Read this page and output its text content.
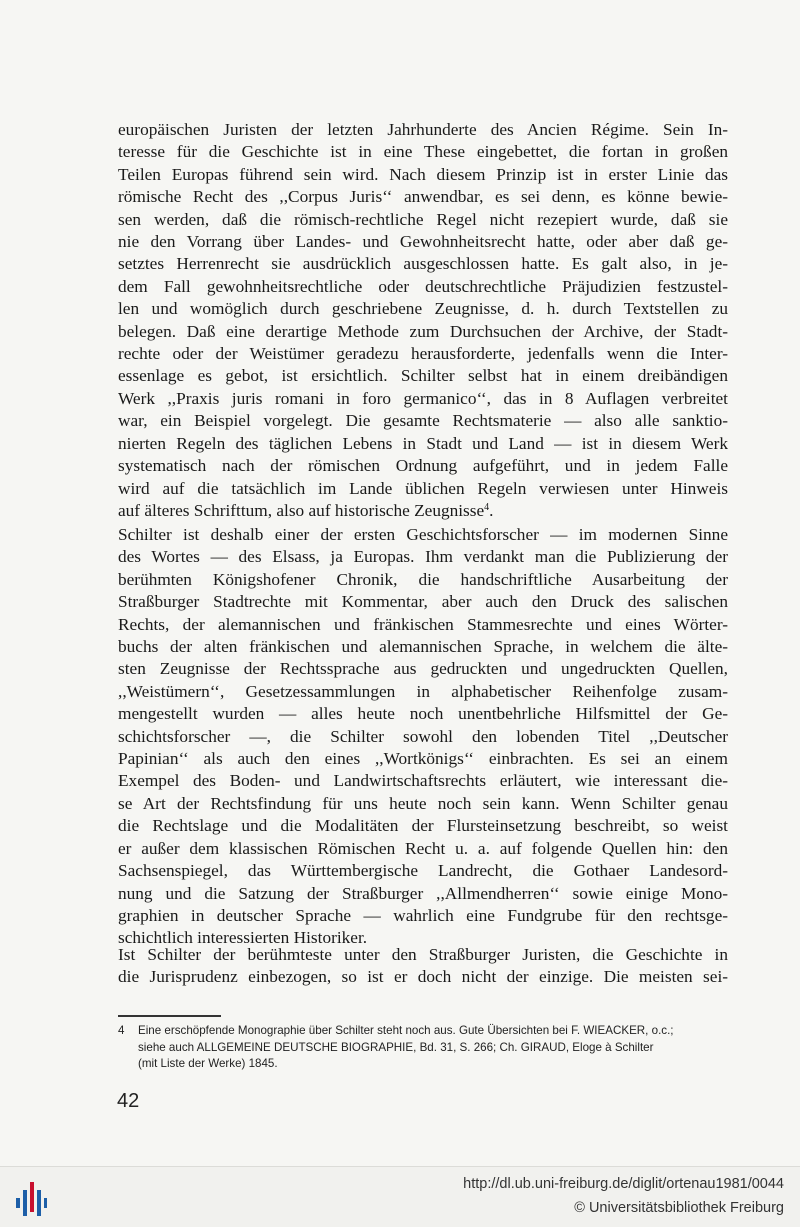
europäischen Juristen der letzten Jahrhunderte des Ancien Régime. Sein In-
teresse für die Geschichte ist in eine These eingebettet, die fortan in großen
Teilen Europas führend sein wird. Nach diesem Prinzip ist in erster Linie das
römische Recht des ,,Corpus Juris‘‘ anwendbar, es sei denn, es könne bewie-
sen werden, daß die römisch-rechtliche Regel nicht rezepiert wurde, daß sie
nie den Vorrang über Landes- und Gewohnheitsrecht hatte, oder aber daß ge-
setztes Herrenrecht sie ausdrücklich ausgeschlossen hatte. Es galt also, in je-
dem Fall gewohnheitsrechtliche oder deutschrechtliche Präjudizien festzustel-
len und womöglich durch geschriebene Zeugnisse, d. h. durch Textstellen zu
belegen. Daß eine derartige Methode zum Durchsuchen der Archive, der Stadt-
rechte oder der Weistümer geradezu herausforderte, jedenfalls wenn die Inter-
essenlage es gebot, ist ersichtlich. Schilter selbst hat in einem dreibändigen
Werk ,,Praxis juris romani in foro germanico‘‘, das in 8 Auflagen verbreitet
war, ein Beispiel vorgelegt. Die gesamte Rechtsmaterie — also alle sanktio-
nierten Regeln des täglichen Lebens in Stadt und Land — ist in diesem Werk
systematisch nach der römischen Ordnung aufgeführt, und in jedem Falle
wird auf die tatsächlich im Lande üblichen Regeln verwiesen unter Hinweis
auf älteres Schrifttum, also auf historische Zeugnisse$^4$.
Schilter ist deshalb einer der ersten Geschichtsforscher — im modernen Sinne
des Wortes — des Elsass, ja Europas. Ihm verdankt man die Publizierung der
berühmten Königshofener Chronik, die handschriftliche Ausarbeitung der
Straßburger Stadtrechte mit Kommentar, aber auch den Druck des salischen
Rechts, der alemannischen und fränkischen Stammesrechte und eines Wörter-
buchs der alten fränkischen und alemannischen Sprache, in welchem die älte-
sten Zeugnisse der Rechtssprache aus gedruckten und ungedruckten Quellen,
,,Weistümern‘‘, Gesetzessammlungen in alphabetischer Reihenfolge zusam-
mengestellt wurden — alles heute noch unentbehrliche Hilfsmittel der Ge-
schichtsforscher —, die Schilter sowohl den lobenden Titel ,,Deutscher
Papinian‘‘ als auch den eines ,,Wortkönigs‘‘ einbrachten. Es sei an einem
Exempel des Boden- und Landwirtschaftsrechts erläutert, wie interessant die-
se Art der Rechtsfindung für uns heute noch sein kann. Wenn Schilter genau
die Rechtslage und die Modalitäten der Flursteinsetzung beschreibt, so weist
er außer dem klassischen Römischen Recht u. a. auf folgende Quellen hin: den
Sachsenspiegel, das Württembergische Landrecht, die Gothaer Landesord-
nung und die Satzung der Straßburger ,,Allmendherren‘‘ sowie einige Mono-
graphien in deutscher Sprache — wahrlich eine Fundgrube für den rechtsge-
schichtlich interessierten Historiker.
Ist Schilter der berühmteste unter den Straßburger Juristen, die Geschichte in
die Jurisprudenz einbezogen, so ist er doch nicht der einzige. Die meisten sei-
4 Eine erschöpfende Monographie über Schilter steht noch aus. Gute Übersichten bei F. WIEACKER, o.c.;
siehe auch ALLGEMEINE DEUTSCHE BIOGRAPHIE, Bd. 31, S. 266; Ch. GIRAUD, Eloge à Schilter
(mit Liste der Werke) 1845.
42
http://dl.ub.uni-freiburg.de/diglit/ortenau1981/0044
© Universitätsbibliothek Freiburg
